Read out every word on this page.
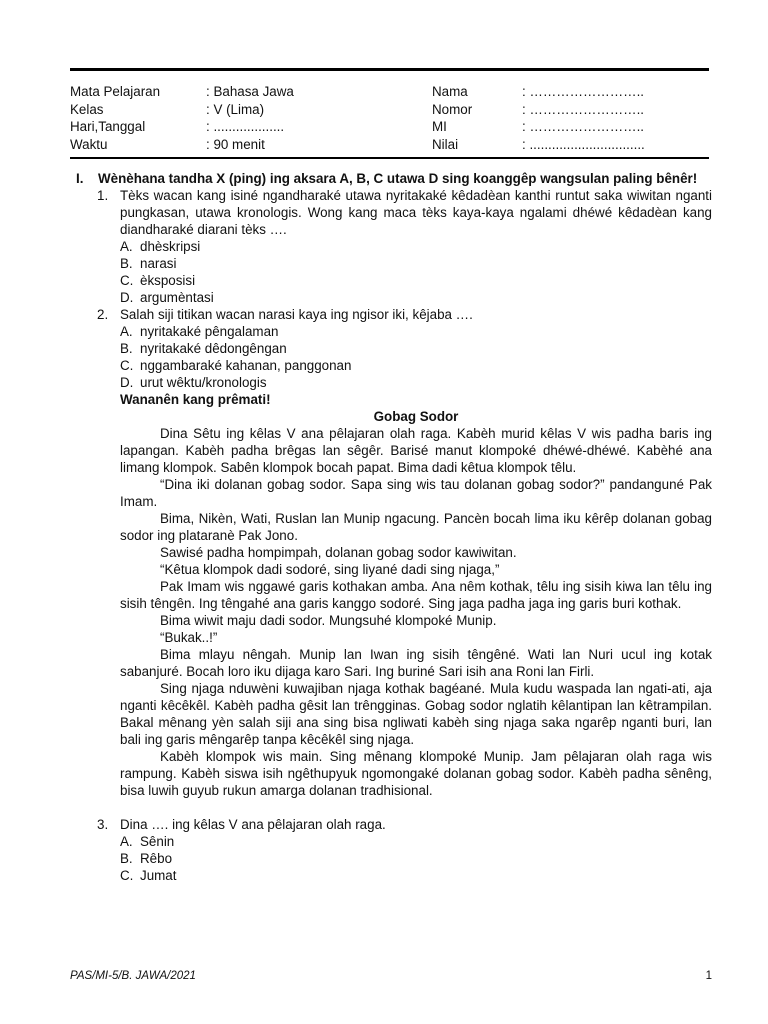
Mata Pelajaran	: Bahasa Jawa	Nama	: ……………………..
Kelas	: V (Lima)	Nomor	: ……………………..
Hari,Tanggal	: ...................	MI	: ……………………..
Waktu	: 90 menit	Nilai	: ...............................
I. Wènèhana tandha X (ping) ing aksara A, B, C utawa D sing koanggêp wangsulan paling bênêr!
1. Tèks wacan kang isiné ngandharaké utawa nyritakaké kêdadèan kanthi runtut saka wiwitan nganti pungkasan, utawa kronologis. Wong kang maca tèks kaya-kaya ngalami dhéwé kêdadèan kang diandharaké diarani tèks ….
A. dhèskripsi
B. narasi
C. èksposisi
D. argumèntasi
2. Salah siji titikan wacan narasi kaya ing ngisor iki, kêjaba ….
A. nyritakaké pêngalaman
B. nyritakaké dêdongêngan
C. nggambaraké kahanan, panggonan
D. urut wêktu/kronologis
Wananên kang prêmati!
Gobag Sodor
Dina Sêtu ing kêlas V ana pêlajaran olah raga. Kabèh murid kêlas V wis padha baris ing lapangan. Kabèh padha brêgas lan sêgêr. Barisé manut klompoké dhéwé-dhéwé. Kabèhé ana limang klompok. Sabên klompok bocah papat. Bima dadi kêtua klompok têlu.
“Dina iki dolanan gobag sodor. Sapa sing wis tau dolanan gobag sodor?” pandanguné Pak Imam.
Bima, Nikèn, Wati, Ruslan lan Munip ngacung. Pancèn bocah lima iku kêrêp dolanan gobag sodor ing plataranè Pak Jono.
Sawisé padha hompimpah, dolanan gobag sodor kawiwitan.
“Kêtua klompok dadi sodoré, sing liyané dadi sing njaga,”
Pak Imam wis nggawé garis kothakan amba. Ana nêm kothak, têlu ing sisih kiwa lan têlu ing sisih têngên. Ing têngahé ana garis kanggo sodoré. Sing jaga padha jaga ing garis buri kothak.
Bima wiwit maju dadi sodor. Mungsuhé klompoké Munip.
“Bukak..!”
Bima mlayu nêngah. Munip lan Iwan ing sisih têngêné. Wati lan Nuri ucul ing kotak sabanjuré. Bocah loro iku dijaga karo Sari. Ing buriné Sari isih ana Roni lan Firli.
Sing njaga nduwèni kuwajiban njaga kothak bagéané. Mula kudu waspada lan ngati-ati, aja nganti kêcêkêl. Kabèh padha gêsit lan trêngginas. Gobag sodor nglatih kêlantipan lan kêtrampilan. Bakal mênang yèn salah siji ana sing bisa ngliwati kabèh sing njaga saka ngarêp nganti buri, lan bali ing garis mêngarêp tanpa kêcêkêl sing njaga.
Kabèh klompok wis main. Sing mênang klompoké Munip. Jam pêlajaran olah raga wis rampung. Kabèh siswa isih ngêthupyuk ngomongaké dolanan gobag sodor. Kabèh padha sênêng, bisa luwih guyub rukun amarga dolanan tradhisional.
3. Dina …. ing kêlas V ana pêlajaran olah raga.
A. Sênin
B. Rêbo
C. Jumat
PAS/MI-5/B. JAWA/2021	1
